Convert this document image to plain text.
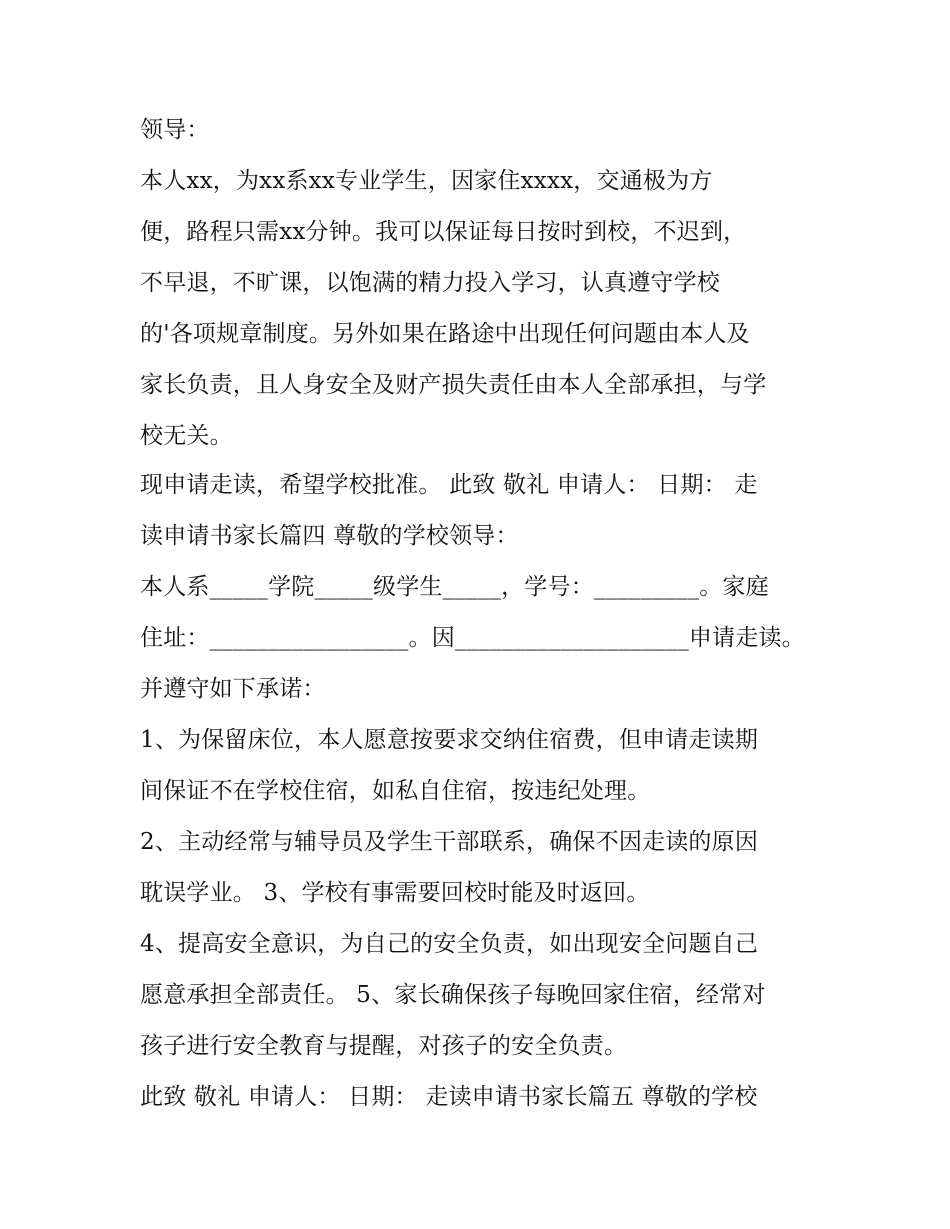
领导：
本人xx，为xx系xx专业学生，因家住xxxx，交通极为方
便，路程只需xx分钟。我可以保证每日按时到校，不迟到，
不早退，不旷课，以饱满的精力投入学习，认真遵守学校
的'各项规章制度。另外如果在路途中出现任何问题由本人及
家长负责，且人身安全及财产损失责任由本人全部承担，与学
校无关。
现申请走读，希望学校批准。 此致 敬礼 申请人： 日期： 走
读申请书家长篇四 尊敬的学校领导：
本人系_____学院_____级学生_____，学号：_________。家庭
住址：_________________。因____________________申请走读。
并遵守如下承诺：
1、为保留床位，本人愿意按要求交纳住宿费，但申请走读期
间保证不在学校住宿，如私自住宿，按违纪处理。
2、主动经常与辅导员及学生干部联系，确保不因走读的原因
耽误学业。 3、学校有事需要回校时能及时返回。
4、提高安全意识，为自己的安全负责，如出现安全问题自己
愿意承担全部责任。 5、家长确保孩子每晚回家住宿，经常对
孩子进行安全教育与提醒，对孩子的安全负责。
此致 敬礼 申请人： 日期： 走读申请书家长篇五 尊敬的学校
